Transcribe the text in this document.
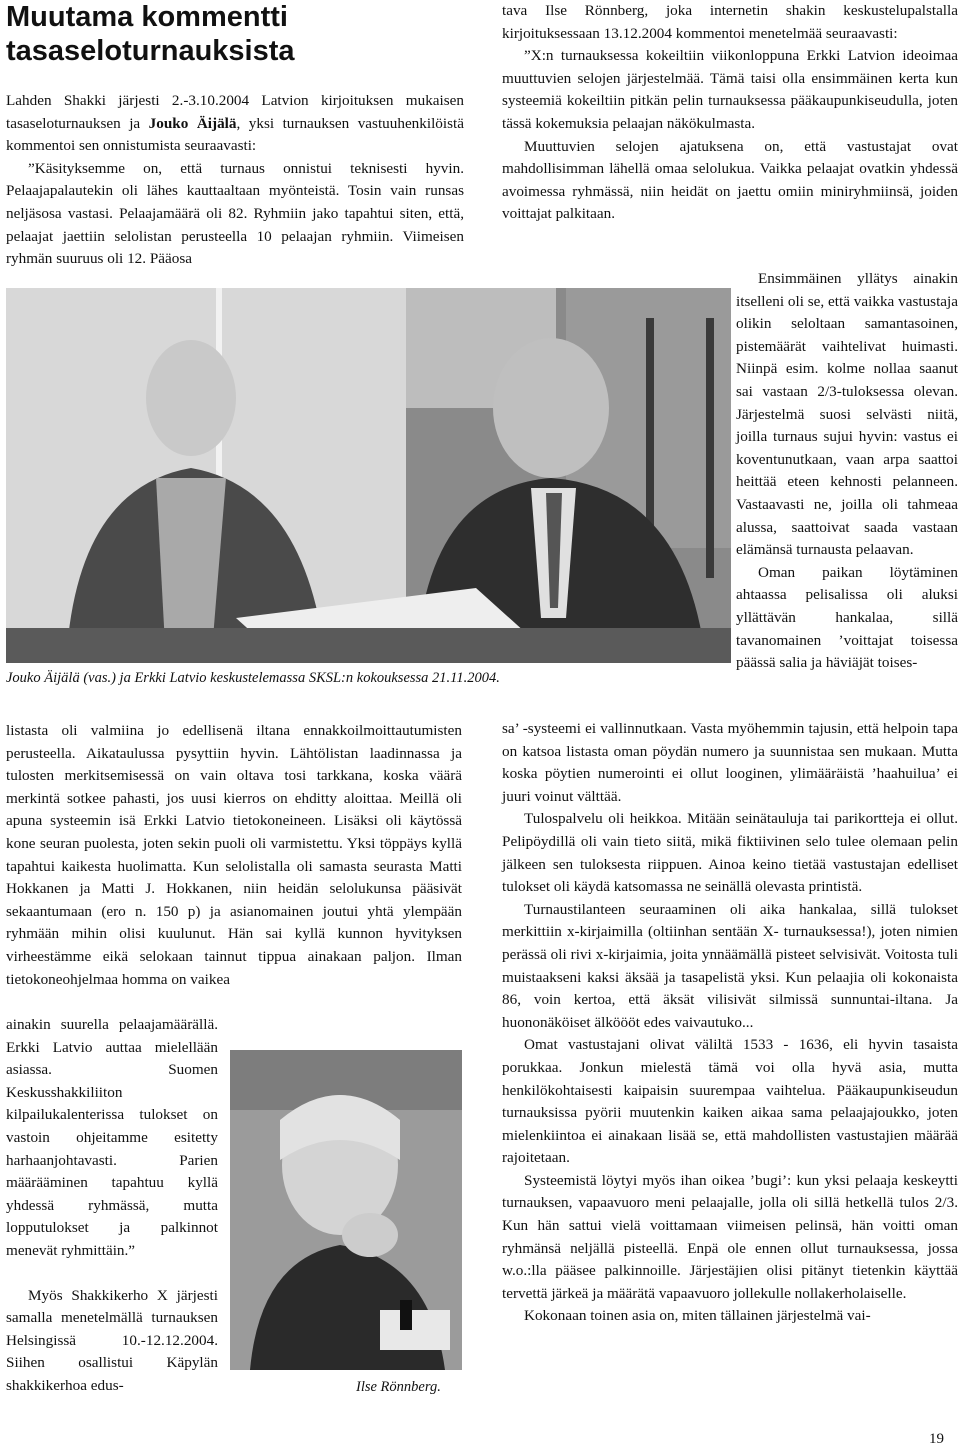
Muutama kommentti tasaseloturnauksista

Lahden Shakki järjesti 2.-3.10.2004 Latvion kirjoituksen mukaisen tasaseloturnauksen ja Jouko Äijälä, yksi turnauksen vastuuhenkilöistä kommentoi sen onnistumista seuraavasti:

”Käsityksemme on, että turnaus onnistui teknisesti hyvin. Pelaajapalautekin oli lähes kauttaaltaan myönteistä. Tosin vain runsas neljäsosa vastasi. Pelaajamäärä oli 82. Ryhmiin jako tapahtui siten, että, pelaajat jaettiin selolistan perusteella 10 pelaajan ryhmiin. Viimeisen ryhmän suuruus oli 12. Pääosa

tava Ilse Rönnberg, joka internetin shakin keskustelupalstalla kirjoituksessaan 13.12.2004 kommentoi menetelmää seuraavasti:

”X:n turnauksessa kokeiltiin viikonloppuna Erkki Latvion ideoimaa muuttuvien selojen järjestelmää. Tämä taisi olla ensimmäinen kerta kun systeemiä kokeiltiin pitkän pelin turnauksessa pääkaupunkiseudulla, joten tässä kokemuksia pelaajan näkökulmasta.

Muuttuvien selojen ajatuksena on, että vastustajat ovat mahdollisimman lähellä omaa selolukua. Vaikka pelaajat ovatkin yhdessä avoimessa ryhmässä, niin heidät on jaettu omiin miniryhmiinsä, joiden voittajat palkitaan.

Jouko Äijälä (vas.) ja Erkki Latvio keskustelemassa SKSL:n kokouksessa 21.11.2004.

Ensimmäinen yllätys ainakin itselleni oli se, että vaikka vastustaja olikin seloltaan samantasoinen, pistemäärät vaihtelivat huimasti. Niinpä esim. kolme nollaa saanut sai vastaan 2/3-tuloksessa olevan. Järjestelmä suosi selvästi niitä, joilla turnaus sujui hyvin: vastus ei koventunutkaan, vaan arpa saattoi heittää eteen kehnosti pelanneen. Vastaavasti ne, joilla oli tahmeaa alussa, saattoivat saada vastaan elämänsä turnausta pelaavan.

Oman paikan löytäminen ahtaassa pelisalissa oli aluksi yllättävän hankalaa, sillä tavanomainen ’voittajat toisessa päässä salia ja häviäjät toises-

listasta oli valmiina jo edellisenä iltana ennakkoilmoittautumisten perusteella. Aikataulussa pysyttiin hyvin. Lähtölistan laadinnassa ja tulosten merkitsemisessä on vain oltava tosi tarkkana, koska väärä merkintä sotkee pahasti, jos uusi kierros on ehditty aloittaa. Meillä oli apuna systeemin isä Erkki Latvio tietokoneineen. Lisäksi oli käytössä kone seuran puolesta, joten sekin puoli oli varmistettu. Yksi töppäys kyllä tapahtui kaikesta huolimatta. Kun selolistalla oli samasta seurasta Matti Hokkanen ja Matti J. Hokkanen, niin heidän selolukunsa pääsivät sekaantumaan (ero n. 150 p) ja asianomainen joutui yhtä ylempään ryhmään mihin olisi kuulunut. Hän sai kyllä kunnon hyvityksen virheestämme eikä selokaan tainnut tippua ainakaan paljon. Ilman tietokoneohjelmaa homma on vaikea

ainakin suurella pelaajamäärällä. Erkki Latvio auttaa mielellään asiassa. Suomen Keskusshakkiliiton kilpailukalenterissa tulokset on vastoin ohjeitamme esitetty harhaanjohtavasti. Parien määrääminen tapahtuu kyllä yhdessä ryhmässä, mutta lopputulokset ja palkinnot menevät ryhmittäin.”

Myös Shakkikerho X järjesti samalla menetelmällä turnauksen Helsingissä 10.-12.12.2004. Siihen osallistui Käpylän shakkikerhoa edus-	Ilse Rönnberg.

sa’ -systeemi ei vallinnutkaan. Vasta myöhemmin tajusin, että helpoin tapa on katsoa listasta oman pöydän numero ja suunnistaa sen mukaan. Mutta koska pöytien numerointi ei ollut looginen, ylimääräistä ’haahuilua’ ei juuri voinut välttää.

Tulospalvelu oli heikkoa. Mitään seinätauluja tai parikorttejа ei ollut. Pelipöydillä oli vain tieto siitä, mikä fiktiivinen selo tulee olemaan pelin jälkeen sen tuloksesta riippuen. Ainoa keino tietää vastustajan edelliset tulokset oli käydä katsomassa ne seinällä olevasta printistä.

Turnaustilanteen seuraaminen oli aika hankalaa, sillä tulokset merkittiin x-kirjaimilla (oltiinhan sentään X- turnauksessa!), joten nimien perässä oli rivi x-kirjaimia, joita ynnäämällä pisteet selvisivät. Voitosta tuli muistaakseni kaksi äksää ja tasapelistä yksi. Kun pelaajia oli kokonaista 86, voin kertoa, että äksät vilisivät silmissä sunnuntai-iltana. Ja huononäköiset älköööt edes vaivautuko...

Omat vastustajani olivat väliltä 1533 - 1636, eli hyvin tasaista porukkaa. Jonkun mielestä tämä voi olla hyvä asia, mutta henkilökohtaisesti kaipaisin suurempaa vaihtelua. Pääkaupunkiseudun turnauksissa pyörii muutenkin kaiken aikaa sama pelaajajoukko, joten mielenkiintoa ei ainakaan lisää se, että mahdollisten vastustajien määrää rajoitetaan.

Systeemistä löytyi myös ihan oikea ’bugi’: kun yksi pelaaja keskeytti turnauksen, vapaavuoro meni pelaajalle, jolla oli sillä hetkellä tulos 2/3. Kun hän sattui vielä voittamaan viimeisen pelinsä, hän voitti oman ryhmänsä neljällä pisteellä. Enpä ole ennen ollut turnauksessa, jossa w.o.:lla pääsee palkinnoille. Järjestäjien olisi pitänyt tietenkin käyttää tervettä järkeä ja määrätä vapaavuoro jollekulle nollakerholaiselle.

Kokonaan toinen asia on, miten tällainen järjestelmä vai-

19
